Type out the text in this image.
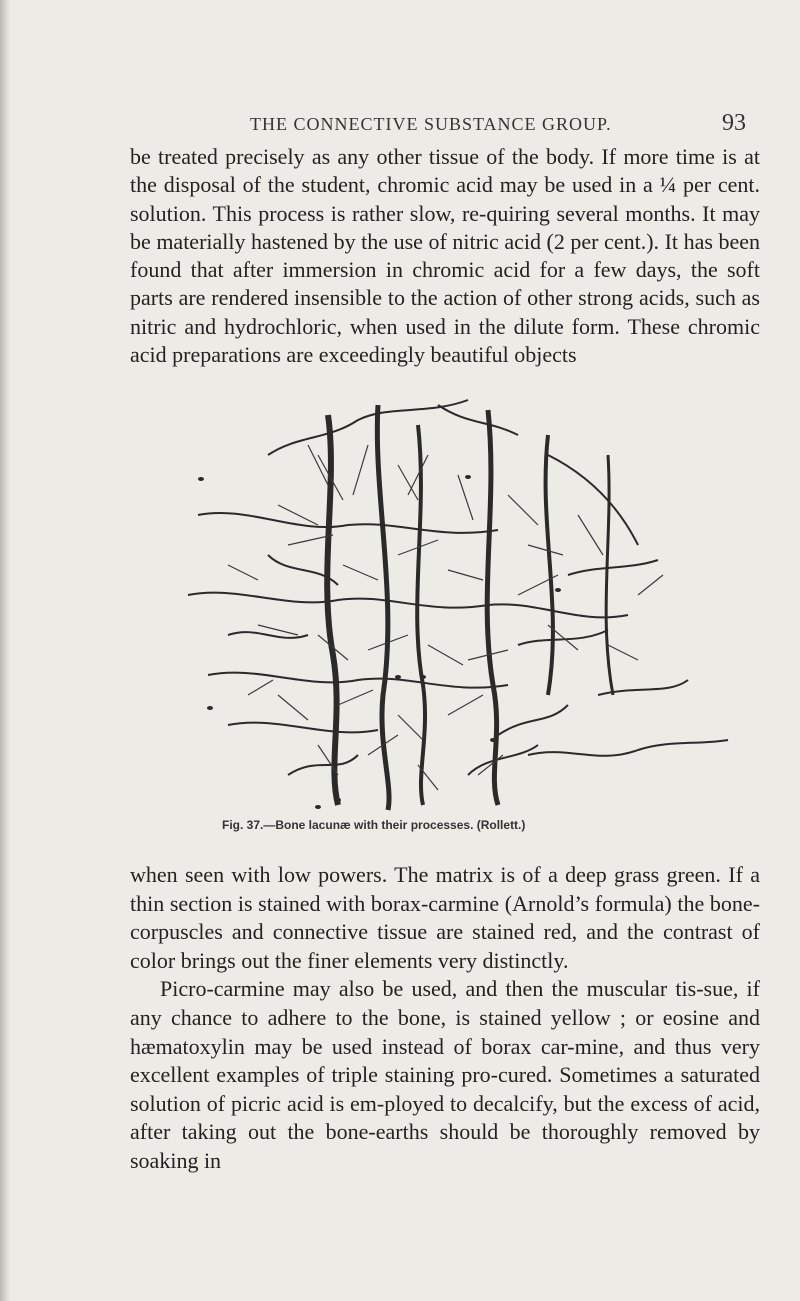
THE CONNECTIVE SUBSTANCE GROUP.	93

be treated precisely as any other tissue of the body. If more time is at the disposal of the student, chromic acid may be used in a ¼ per cent. solution. This process is rather slow, re-quiring several months. It may be materially hastened by the use of nitric acid (2 per cent.). It has been found that after immersion in chromic acid for a few days, the soft parts are rendered insensible to the action of other strong acids, such as nitric and hydrochloric, when used in the dilute form. These chromic acid preparations are exceedingly beautiful objects

Fig. 37.—Bone lacunæ with their processes. (Rollett.)

when seen with low powers. The matrix is of a deep grass green. If a thin section is stained with borax-carmine (Arnold’s formula) the bone-corpuscles and connective tissue are stained red, and the contrast of color brings out the finer elements very distinctly.

Picro-carmine may also be used, and then the muscular tis-sue, if any chance to adhere to the bone, is stained yellow ; or eosine and hæmatoxylin may be used instead of borax car-mine, and thus very excellent examples of triple staining pro-cured. Sometimes a saturated solution of picric acid is em-ployed to decalcify, but the excess of acid, after taking out the bone-earths should be thoroughly removed by soaking in
